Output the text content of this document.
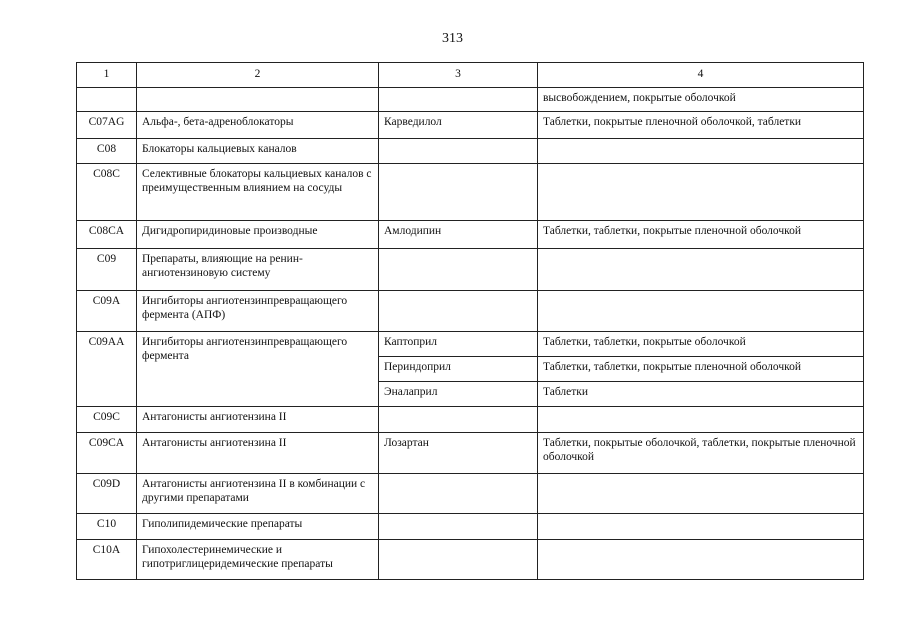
313
1	2	3	4
			высвобождением, покрытые оболочкой
C07AG	Альфа-, бета-адреноблокаторы	Карведилол	Таблетки, покрытые пленочной оболочкой, таблетки
C08	Блокаторы кальциевых каналов		
C08C	Селективные блокаторы кальциевых каналов с преимущественным влиянием на сосуды		
C08CA	Дигидропиридиновые производные	Амлодипин	Таблетки, таблетки, покрытые пленочной оболочкой
C09	Препараты, влияющие на ренин-ангиотензиновую систему		
C09A	Ингибиторы ангиотензинпревращающего фермента (АПФ)		
C09AA	Ингибиторы ангиотензинпревращающего фермента	Каптоприл	Таблетки, таблетки, покрытые оболочкой
		Периндоприл	Таблетки, таблетки, покрытые пленочной оболочкой
		Эналаприл	Таблетки
C09C	Антагонисты ангиотензина II		
C09CA	Антагонисты ангиотензина II	Лозартан	Таблетки, покрытые оболочкой, таблетки, покрытые пленочной оболочкой
C09D	Антагонисты ангиотензина II в комбинации с другими препаратами		
C10	Гиполипидемические препараты		
C10A	Гипохолестеринемические и гипотриглицеридемические препараты		
